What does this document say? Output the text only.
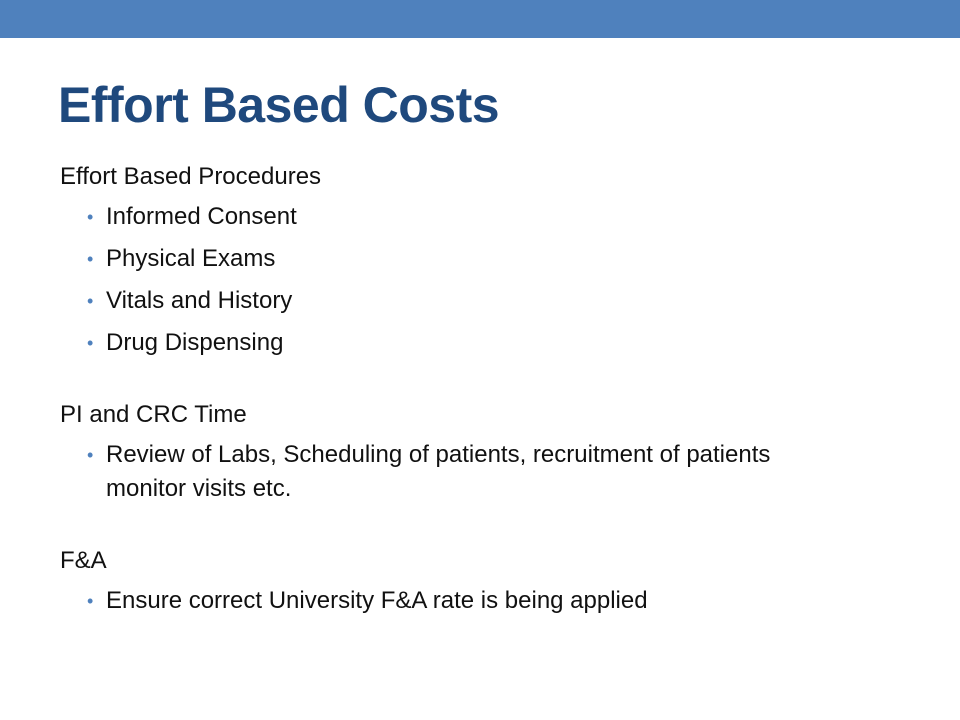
Effort Based Costs
Effort Based Procedures
• Informed Consent
• Physical Exams
• Vitals and History
• Drug Dispensing
PI and CRC Time
• Review of Labs, Scheduling of patients, recruitment of patients monitor visits etc.
F&A
• Ensure correct University F&A rate is being applied
